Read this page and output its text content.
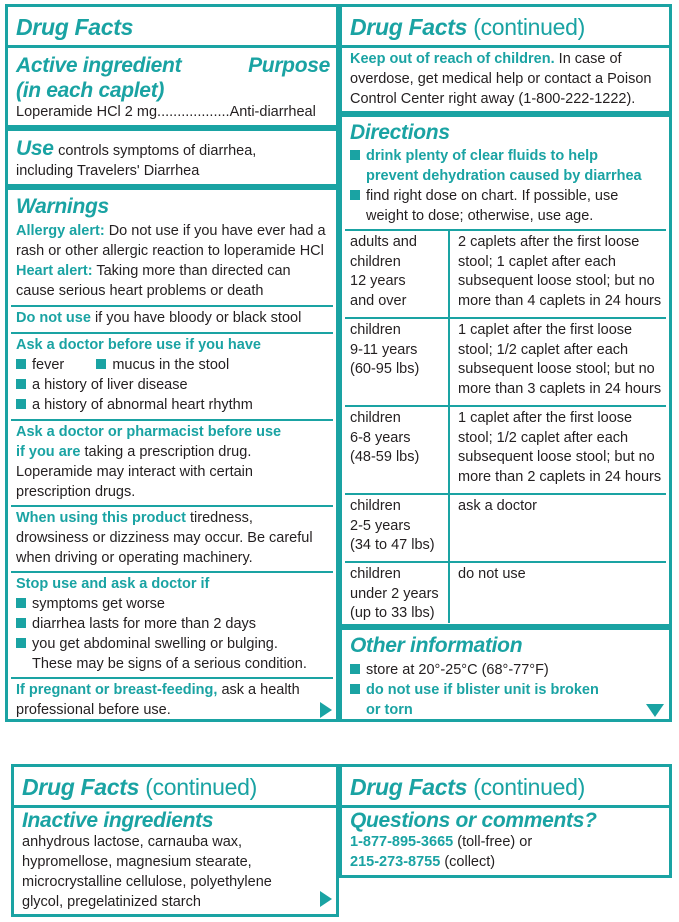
Drug Facts
Active ingredient	Purpose
(in each caplet)
Loperamide HCl 2 mg..................Anti-diarrheal
Use controls symptoms of diarrhea,
including Travelers' Diarrhea
Warnings
Allergy alert: Do not use if you have ever had a
rash or other allergic reaction to loperamide HCl
Heart alert: Taking more than directed can
cause serious heart problems or death
Do not use if you have bloody or black stool
Ask a doctor before use if you have
fever	mucus in the stool
a history of liver disease
a history of abnormal heart rhythm
Ask a doctor or pharmacist before use
if you are taking a prescription drug.
Loperamide may interact with certain
prescription drugs.
When using this product tiredness,
drowsiness or dizziness may occur. Be careful
when driving or operating machinery.
Stop use and ask a doctor if
symptoms get worse
diarrhea lasts for more than 2 days
you get abdominal swelling or bulging.
These may be signs of a serious condition.
If pregnant or breast-feeding, ask a health
professional before use.
Drug Facts (continued)
Keep out of reach of children. In case of
overdose, get medical help or contact a Poison
Control Center right away (1-800-222-1222).
Directions
drink plenty of clear fluids to help
prevent dehydration caused by diarrhea
find right dose on chart. If possible, use
weight to dose; otherwise, use age.
adults and
children
12 years
and over
2 caplets after the first loose
stool; 1 caplet after each
subsequent loose stool; but no
more than 4 caplets in 24 hours
children
9-11 years
(60-95 lbs)
1 caplet after the first loose
stool; 1/2 caplet after each
subsequent loose stool; but no
more than 3 caplets in 24 hours
children
6-8 years
(48-59 lbs)
1 caplet after the first loose
stool; 1/2 caplet after each
subsequent loose stool; but no
more than 2 caplets in 24 hours
children
2-5 years
(34 to 47 lbs)
ask a doctor
children
under 2 years
(up to 33 lbs)
do not use
Other information
store at 20°-25°C (68°-77°F)
do not use if blister unit is broken
or torn
Drug Facts (continued)
Inactive ingredients
anhydrous lactose, carnauba wax,
hypromellose, magnesium stearate,
microcrystalline cellulose, polyethylene
glycol, pregelatinized starch
Drug Facts (continued)
Questions or comments?
1-877-895-3665 (toll-free) or
215-273-8755 (collect)
